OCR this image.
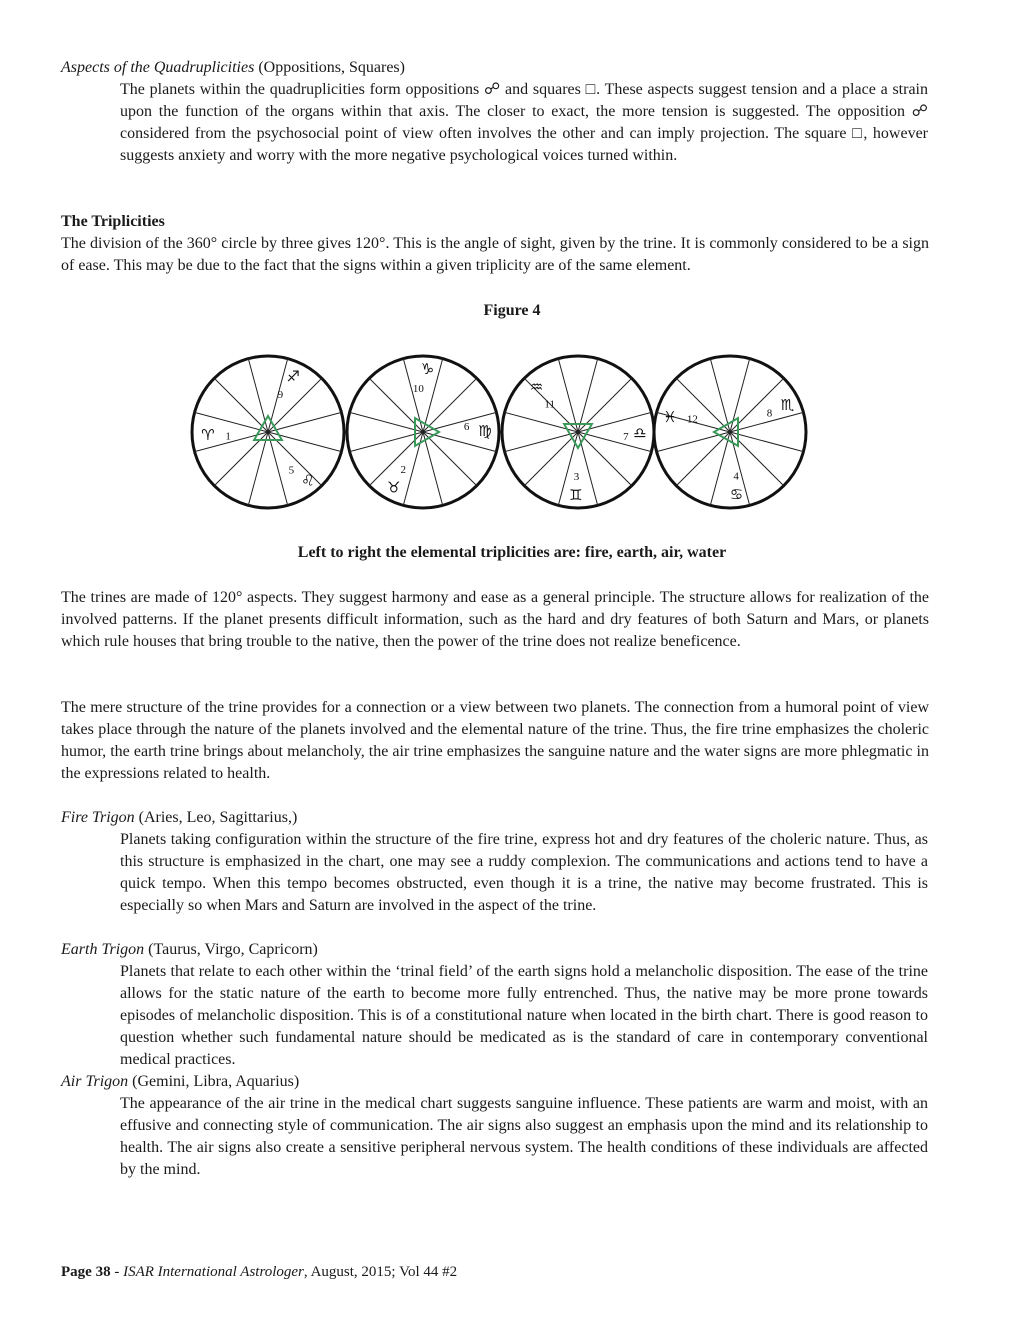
Aspects of the Quadruplicities (Oppositions, Squares)
The planets within the quadruplicities form oppositions ☍ and squares □. These aspects suggest tension and a place a strain upon the function of the organs within that axis. The closer to exact, the more tension is suggested. The opposition ☍ considered from the psychosocial point of view often involves the other and can imply projection. The square □, however suggests anxiety and worry with the more negative psychological voices turned within.
The Triplicities
The division of the 360° circle by three gives 120°. This is the angle of sight, given by the trine. It is commonly considered to be a sign of ease. This may be due to the fact that the signs within a given triplicity are of the same element.
Figure 4
9
♐
1
♈
5
♌
10
♑
6 ♍
2
♉
11
♒
7 ♎
3
♊
12
♓	8 ♏
4
♋
Left to right the elemental triplicities are: fire, earth, air, water
The trines are made of 120° aspects. They suggest harmony and ease as a general principle. The structure allows for realization of the involved patterns. If the planet presents difficult information, such as the hard and dry features of both Saturn and Mars, or planets which rule houses that bring trouble to the native, then the power of the trine does not realize beneficence.
The mere structure of the trine provides for a connection or a view between two planets. The connection from a humoral point of view takes place through the nature of the planets involved and the elemental nature of the trine. Thus, the fire trine emphasizes the choleric humor, the earth trine brings about melancholy, the air trine emphasizes the sanguine nature and the water signs are more phlegmatic in the expressions related to health.
Fire Trigon (Aries, Leo, Sagittarius,)
Planets taking configuration within the structure of the fire trine, express hot and dry features of the choleric nature. Thus, as this structure is emphasized in the chart, one may see a ruddy complexion. The communications and actions tend to have a quick tempo. When this tempo becomes obstructed, even though it is a trine, the native may become frustrated. This is especially so when Mars and Saturn are involved in the aspect of the trine.
Earth Trigon (Taurus, Virgo, Capricorn)
Planets that relate to each other within the ‘trinal field’ of the earth signs hold a melancholic disposition. The ease of the trine allows for the static nature of the earth to become more fully entrenched. Thus, the native may be more prone towards episodes of melancholic disposition. This is of a constitutional nature when located in the birth chart. There is good reason to question whether such fundamental nature should be medicated as is the standard of care in contemporary conventional medical practices.
Air Trigon (Gemini, Libra, Aquarius)
The appearance of the air trine in the medical chart suggests sanguine influence. These patients are warm and moist, with an effusive and connecting style of communication. The air signs also suggest an emphasis upon the mind and its relationship to health. The air signs also create a sensitive peripheral nervous system. The health conditions of these individuals are affected by the mind.
Page 38 - ISAR International Astrologer, August, 2015; Vol 44 #2
